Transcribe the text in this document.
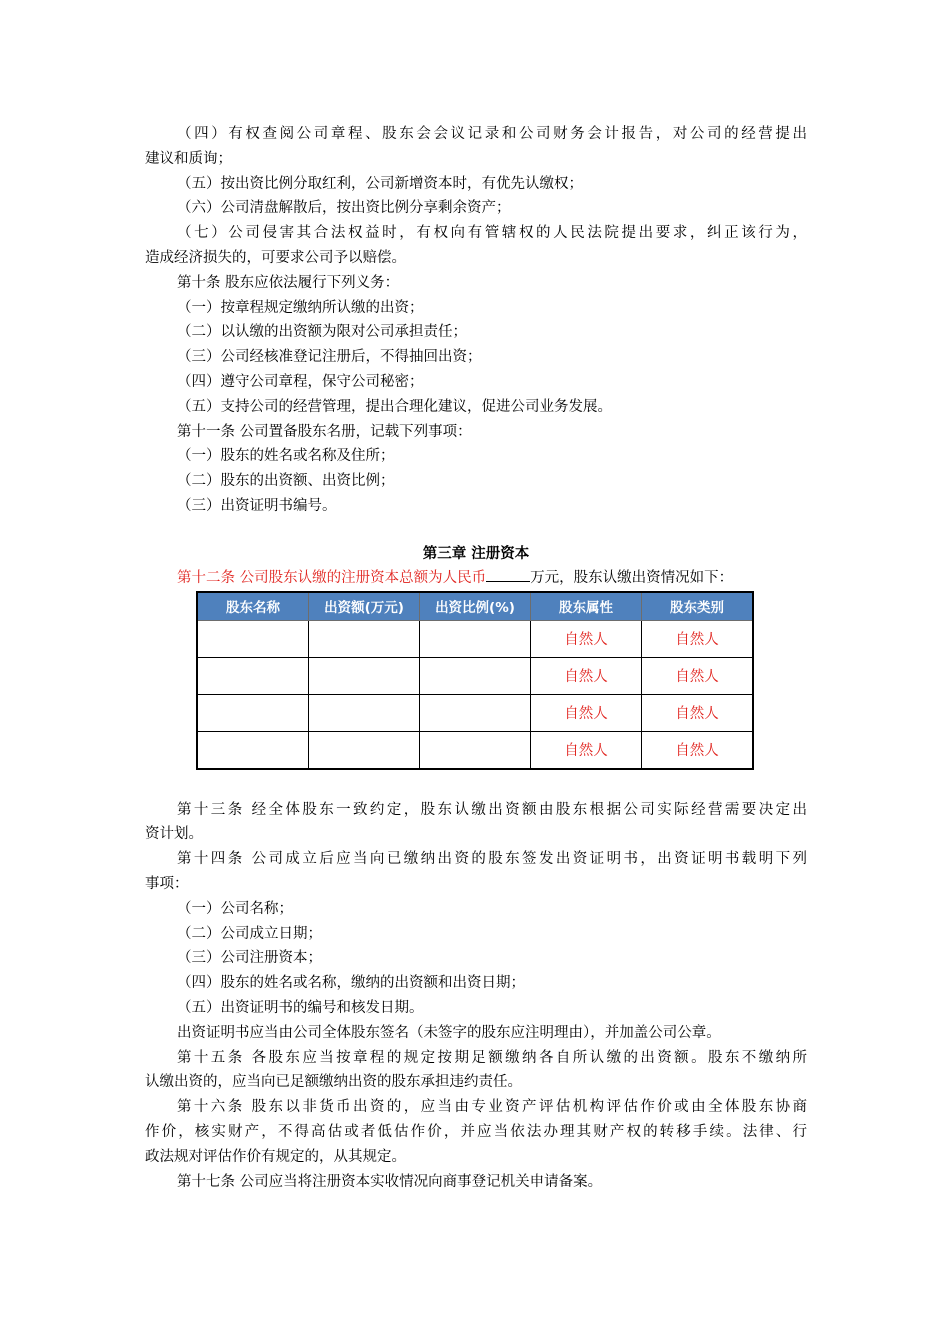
（四）有权查阅公司章程、股东会会议记录和公司财务会计报告，对公司的经营提出
建议和质询；
（五）按出资比例分取红利，公司新增资本时，有优先认缴权；
（六）公司清盘解散后，按出资比例分享剩余资产；
（七）公司侵害其合法权益时，有权向有管辖权的人民法院提出要求，纠正该行为，
造成经济损失的，可要求公司予以赔偿。
第十条 股东应依法履行下列义务：
（一）按章程规定缴纳所认缴的出资；
（二）以认缴的出资额为限对公司承担责任；
（三）公司经核准登记注册后，不得抽回出资；
（四）遵守公司章程，保守公司秘密；
（五）支持公司的经营管理，提出合理化建议，促进公司业务发展。
第十一条 公司置备股东名册，记载下列事项：
（一）股东的姓名或名称及住所；
（二）股东的出资额、出资比例；
（三）出资证明书编号。
第三章 注册资本
第十二条 公司股东认缴的注册资本总额为人民币	万元，股东认缴出资情况如下：
股东名称	出资额(万元)	出资比例(%)	股东属性	股东类别
			自然人	自然人
			自然人	自然人
			自然人	自然人
			自然人	自然人
第十三条 经全体股东一致约定，股东认缴出资额由股东根据公司实际经营需要决定出
资计划。
第十四条 公司成立后应当向已缴纳出资的股东签发出资证明书，出资证明书载明下列
事项：
（一）公司名称；
（二）公司成立日期；
（三）公司注册资本；
（四）股东的姓名或名称，缴纳的出资额和出资日期；
（五）出资证明书的编号和核发日期。
出资证明书应当由公司全体股东签名（未签字的股东应注明理由），并加盖公司公章。
第十五条 各股东应当按章程的规定按期足额缴纳各自所认缴的出资额。股东不缴纳所
认缴出资的，应当向已足额缴纳出资的股东承担违约责任。
第十六条 股东以非货币出资的，应当由专业资产评估机构评估作价或由全体股东协商
作价，核实财产，不得高估或者低估作价，并应当依法办理其财产权的转移手续。法律、行
政法规对评估作价有规定的，从其规定。
第十七条 公司应当将注册资本实收情况向商事登记机关申请备案。
